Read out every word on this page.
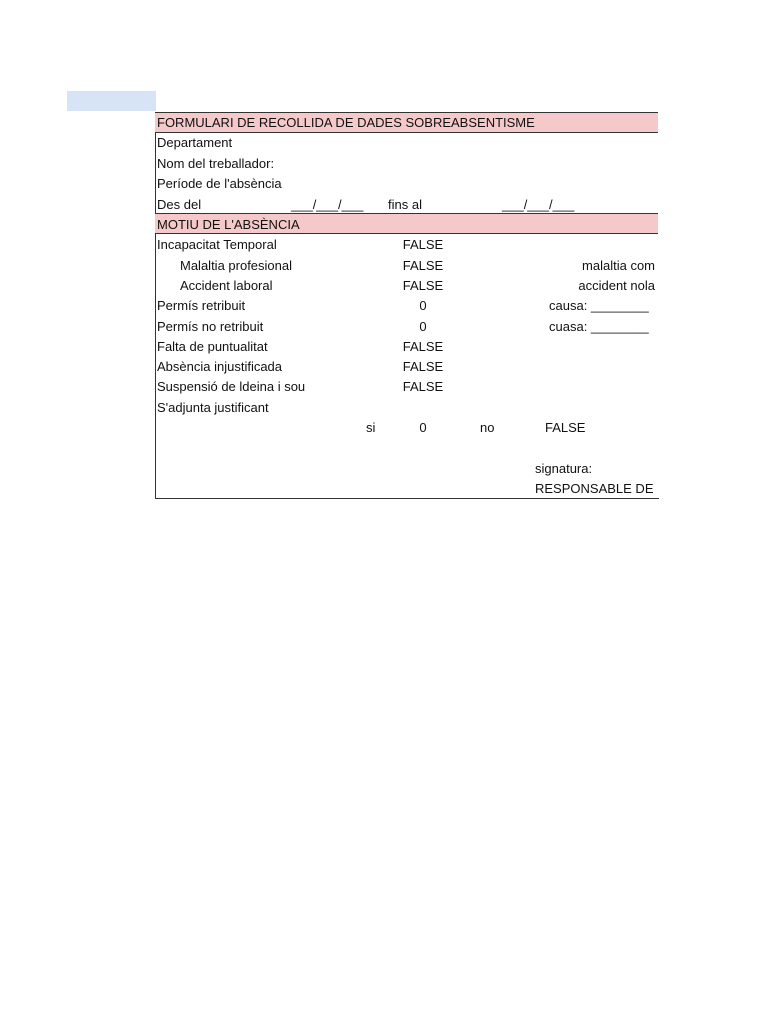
FORMULARI DE RECOLLIDA DE DADES SOBREABSENTISME
Departament
Nom del treballador:
Període de l'absència
Des del	___/___/___ fins al	___/___/___
MOTIU DE L'ABSÈNCIA
Incapacitat Temporal	FALSE
Malaltia profesional	FALSE	malaltia com
Accident laboral	FALSE	accident nola
Permís retribuit	0	causa: ________
Permís no retribuit	0	cuasa: ________
Falta de puntualitat	FALSE
Absència injustificada	FALSE
Suspensió de ldeina i sou	FALSE
S'adjunta justificant
si	0	no	FALSE
signatura:
RESPONSABLE DE
